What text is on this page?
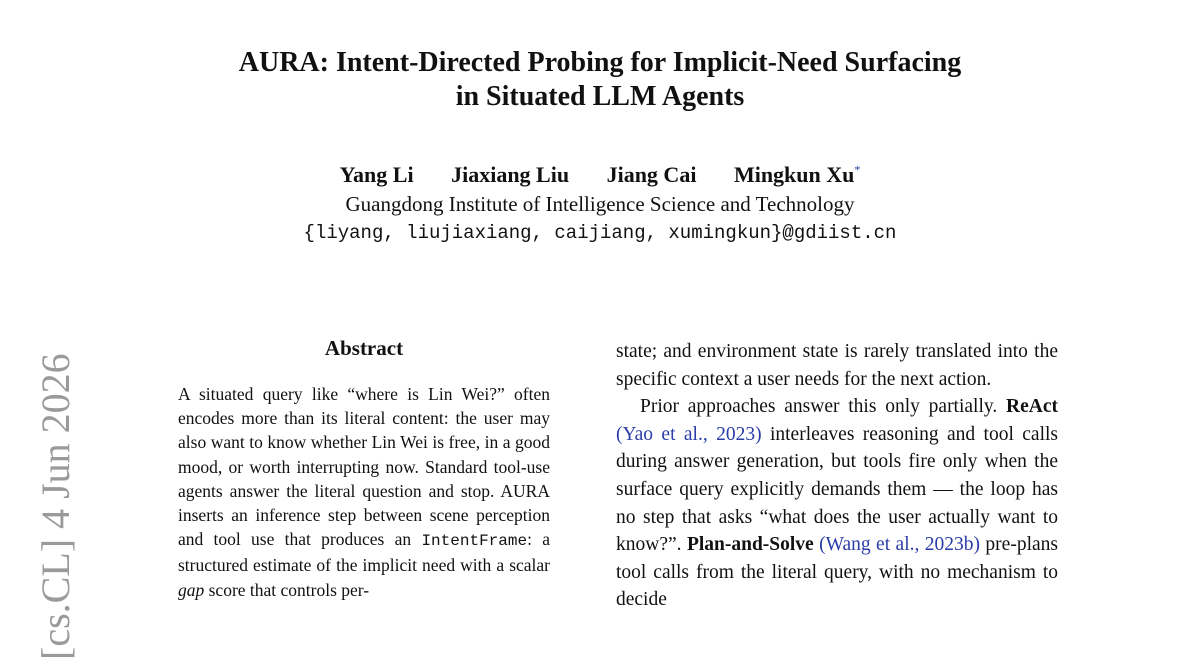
AURA: Intent-Directed Probing for Implicit-Need Surfacing
in Situated LLM Agents
Yang Li Jiaxiang Liu Jiang Cai Mingkun Xu*
Guangdong Institute of Intelligence Science and Technology
{liyang, liujiaxiang, caijiang, xumingkun}@gdiist.cn
[cs.CL] 4 Jun 2026
Abstract
A situated query like “where is Lin Wei?” often encodes more than its literal content: the user may also want to know whether Lin Wei is free, in a good mood, or worth interrupting now. Standard tool-use agents answer the literal question and stop. AURA inserts an inference step between scene perception and tool use that produces an IntentFrame: a structured estimate of the implicit need with a scalar gap score that controls per-

state; and environment state is rarely translated into the specific context a user needs for the next action.

Prior approaches answer this only partially. ReAct (Yao et al., 2023) interleaves reasoning and tool calls during answer generation, but tools fire only when the surface query explicitly demands them — the loop has no step that asks “what does the user actually want to know?”. Plan-and-Solve (Wang et al., 2023b) pre-plans tool calls from the literal query, with no mechanism to decide
